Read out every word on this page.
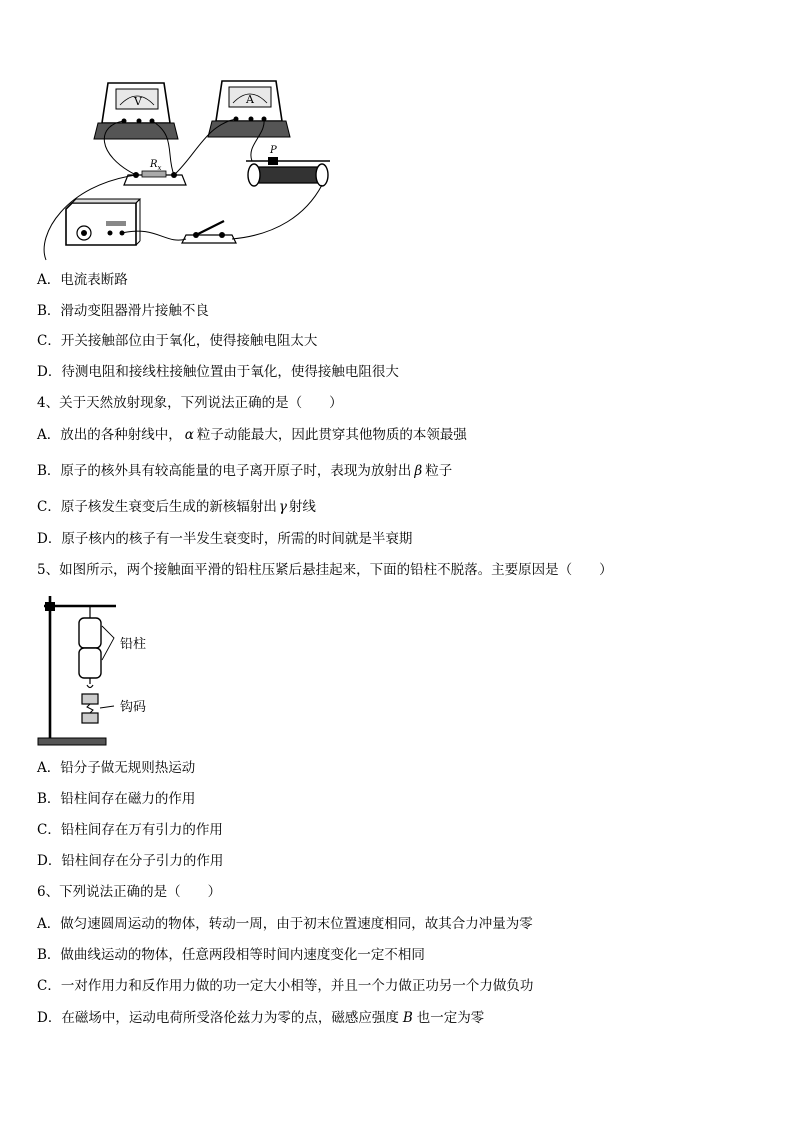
V	A
$R_x$
P
A．电流表断路
B．滑动变阻器滑片接触不良
C．开关接触部位由于氧化，使得接触电阻太大
D．待测电阻和接线柱接触位置由于氧化，使得接触电阻很大
4、关于天然放射现象，下列说法正确的是（　　）
A．放出的各种射线中， α 粒子动能最大，因此贯穿其他物质的本领最强
B．原子的核外具有较高能量的电子离开原子时，表现为放射出 β 粒子
C．原子核发生衰变后生成的新核辐射出 γ 射线
D．原子核内的核子有一半发生衰变时，所需的时间就是半衰期
5、如图所示，两个接触面平滑的铅柱压紧后悬挂起来，下面的铅柱不脱落。主要原因是（　　）
铅柱
钩码
A．铅分子做无规则热运动
B．铅柱间存在磁力的作用
C．铅柱间存在万有引力的作用
D．铅柱间存在分子引力的作用
6、下列说法正确的是（　　）
A．做匀速圆周运动的物体，转动一周，由于初末位置速度相同，故其合力冲量为零
B．做曲线运动的物体，任意两段相等时间内速度变化一定不相同
C．一对作用力和反作用力做的功一定大小相等，并且一个力做正功另一个力做负功
D．在磁场中，运动电荷所受洛伦兹力为零的点，磁感应强度 B 也一定为零
